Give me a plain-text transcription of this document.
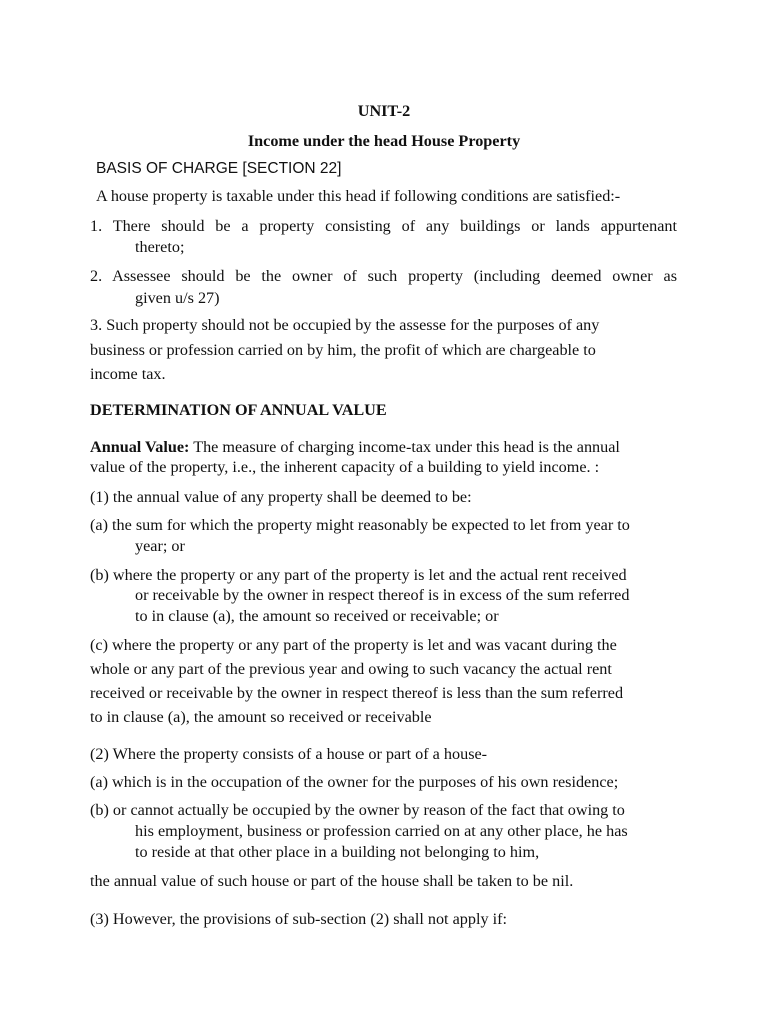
UNIT-2
Income under the head House Property
BASIS OF CHARGE [SECTION 22]
A house property is taxable under this head if following conditions are satisfied:-
1. There should be a property consisting of any buildings or lands appurtenant
thereto;
2. Assessee should be the owner of such property (including deemed owner as
given u/s 27)
3. Such property should not be occupied by the assesse for the purposes of any
business or profession carried on by him, the profit of which are chargeable to
income tax.
DETERMINATION OF ANNUAL VALUE
Annual Value: The measure of charging income-tax under this head is the annual
value of the property, i.e., the inherent capacity of a building to yield income. :
(1) the annual value of any property shall be deemed to be:
(a) the sum for which the property might reasonably be expected to let from year to
year; or
(b) where the property or any part of the property is let and the actual rent received
or receivable by the owner in respect thereof is in excess of the sum referred
to in clause (a), the amount so received or receivable; or
(c) where the property or any part of the property is let and was vacant during the
whole or any part of the previous year and owing to such vacancy the actual rent
received or receivable by the owner in respect thereof is less than the sum referred
to in clause (a), the amount so received or receivable
(2) Where the property consists of a house or part of a house-
(a) which is in the occupation of the owner for the purposes of his own residence;
(b) or cannot actually be occupied by the owner by reason of the fact that owing to
his employment, business or profession carried on at any other place, he has
to reside at that other place in a building not belonging to him,
the annual value of such house or part of the house shall be taken to be nil.
(3) However, the provisions of sub-section (2) shall not apply if:
